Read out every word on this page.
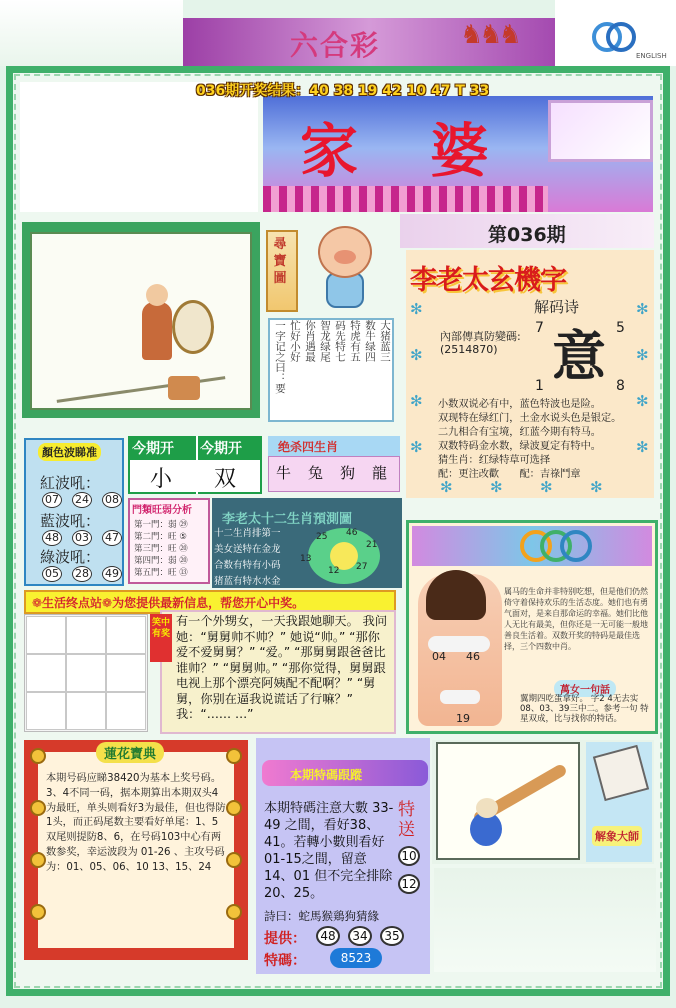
六合彩	♞♞♞
ENGLISH
家 婆
036期开奖结果：40 38 19 42 10 47 T 33
第036期
尋寶圖
大猪蓝三
数牛绿四
特虎有五
码先特七
智龙绿尾
你肖遇最
忙好小好
一字记之曰：要
李老太玄機字
解码诗
內部傳真防變碼:
(2514870) 意
7	5
1	8
小数双说必有中，蓝色特波也是险。
双现特在绿红门，土金水说头色是银定。
二九相合有宝境，红蓝今期有特马。
双数特码金水数，绿波夏定有特中。
猜生肖：红绿特草可选择
配：更注改歡　　配：吉祿鬥章
✻
✻
✻
✻
✻
✻
✻
✻
✻ ✻ ✻ ✻
顏色波睇准
紅波吼：
07 24 08
藍波吼：
48 03 47
綠波吼：
05 28 49
今期开 今期开
小 双
绝杀四生肖
牛 兔 狗 龍
門類旺弱分析
第一門：弱 ㉙
第二門：旺 ⑤
第三門：旺 ⑳
第四門：弱 ⑳
第五門：旺 ⑬
李老太十二生肖預測圖
十二生肖排第一
美女送特在金龙
合数有特有小码
猪蓝有特水水金
25 46
21
13
12 27
❁生活终点站❁为您提供最新信息，帮您开心中奖。
笑中有奖
有一个外甥女，一天我跟她聊天。 我问她：“舅舅帅不帅？” 她说“帅。” “那你爱不爱舅舅？” “爱。” “那舅舅跟爸爸比谁帅？” “舅舅帅。” “那你觉得，舅舅跟电视上那个漂亮阿姨配不配啊？” “舅舅，你别在逼我说谎话了行嘛？” 我：“…… …”
属马的生命并非特别吃想，但是他们仍然倚守着保持欢乐的生活态度。她们也有勇气面对，是来自那命运的幸福。她们比他人无比有最美，但你还是一无可能一般地善良生活着。双数开奖的特码是最佳选择，三个四数中肖。
04 46
19
萬女一句話
翼期四吃蛋拿好。 字2 4无去实 08、03、39三中二。参考一句 特星双成，比与找你的特话。
蓮花寶典
本期号码应睇38420为基本上奖号码。3、4不同一码，据本期算出本期双头4为最旺，单头则看好3为最佳，但也得防1头，而正码尾数主要看好单尾：1、5双尾则提防8、6，在号码103中心有两数参奖，幸运波段为 01-26 、主攻号码为：01、05、06、10 13、15、24
本期特碼跟蹤
本期特碼注意大數 33-49 之間，看好38、41。若轉小數則看好01-15之間，留意 14、01 但不完全排除20、25。
特送
10
12
詩曰：蛇馬猴鶏狗猜緣
提供：	48	34	35
特碼：	8523
解象大師
